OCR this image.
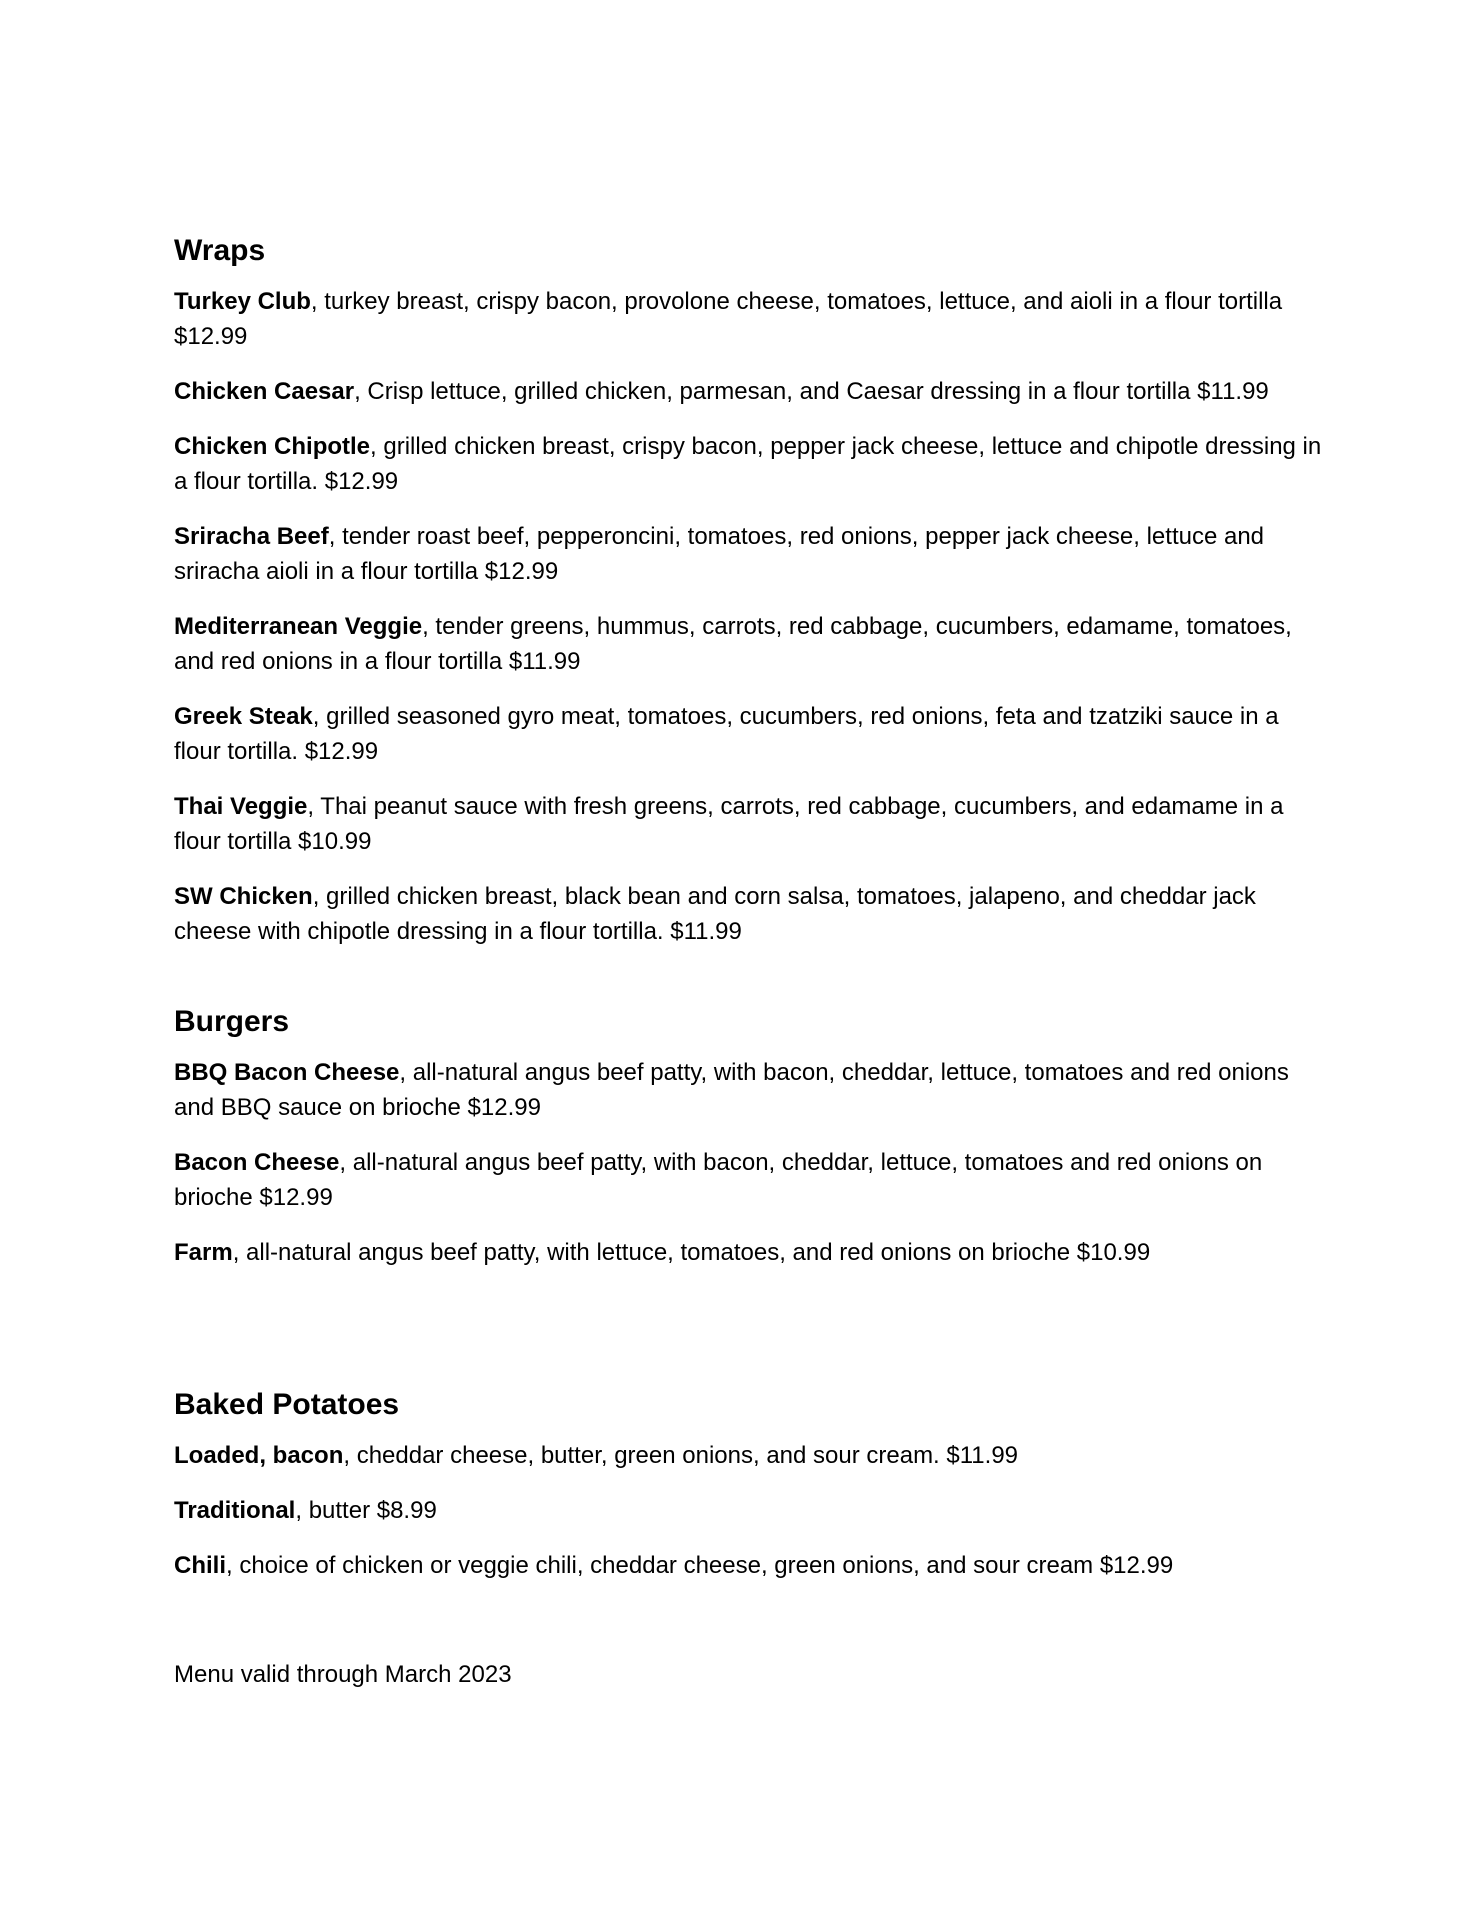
Wraps

Turkey Club, turkey breast, crispy bacon, provolone cheese, tomatoes, lettuce, and aioli in a flour tortilla $12.99

Chicken Caesar, Crisp lettuce, grilled chicken, parmesan, and Caesar dressing in a flour tortilla $11.99

Chicken Chipotle, grilled chicken breast, crispy bacon, pepper jack cheese, lettuce and chipotle dressing in a flour tortilla. $12.99

Sriracha Beef, tender roast beef, pepperoncini, tomatoes, red onions, pepper jack cheese, lettuce and sriracha aioli in a flour tortilla $12.99

Mediterranean Veggie, tender greens, hummus, carrots, red cabbage, cucumbers, edamame, tomatoes, and red onions in a flour tortilla $11.99

Greek Steak, grilled seasoned gyro meat, tomatoes, cucumbers, red onions, feta and tzatziki sauce in a flour tortilla. $12.99

Thai Veggie, Thai peanut sauce with fresh greens, carrots, red cabbage, cucumbers, and edamame in a flour tortilla $10.99

SW Chicken, grilled chicken breast, black bean and corn salsa, tomatoes, jalapeno, and cheddar jack cheese with chipotle dressing in a flour tortilla. $11.99

Burgers

BBQ Bacon Cheese, all-natural angus beef patty, with bacon, cheddar, lettuce, tomatoes and red onions and BBQ sauce on brioche $12.99

Bacon Cheese, all-natural angus beef patty, with bacon, cheddar, lettuce, tomatoes and red onions on brioche $12.99

Farm, all-natural angus beef patty, with lettuce, tomatoes, and red onions on brioche $10.99

Baked Potatoes

Loaded, bacon, cheddar cheese, butter, green onions, and sour cream. $11.99

Traditional, butter $8.99

Chili, choice of chicken or veggie chili, cheddar cheese, green onions, and sour cream $12.99

Menu valid through March 2023
